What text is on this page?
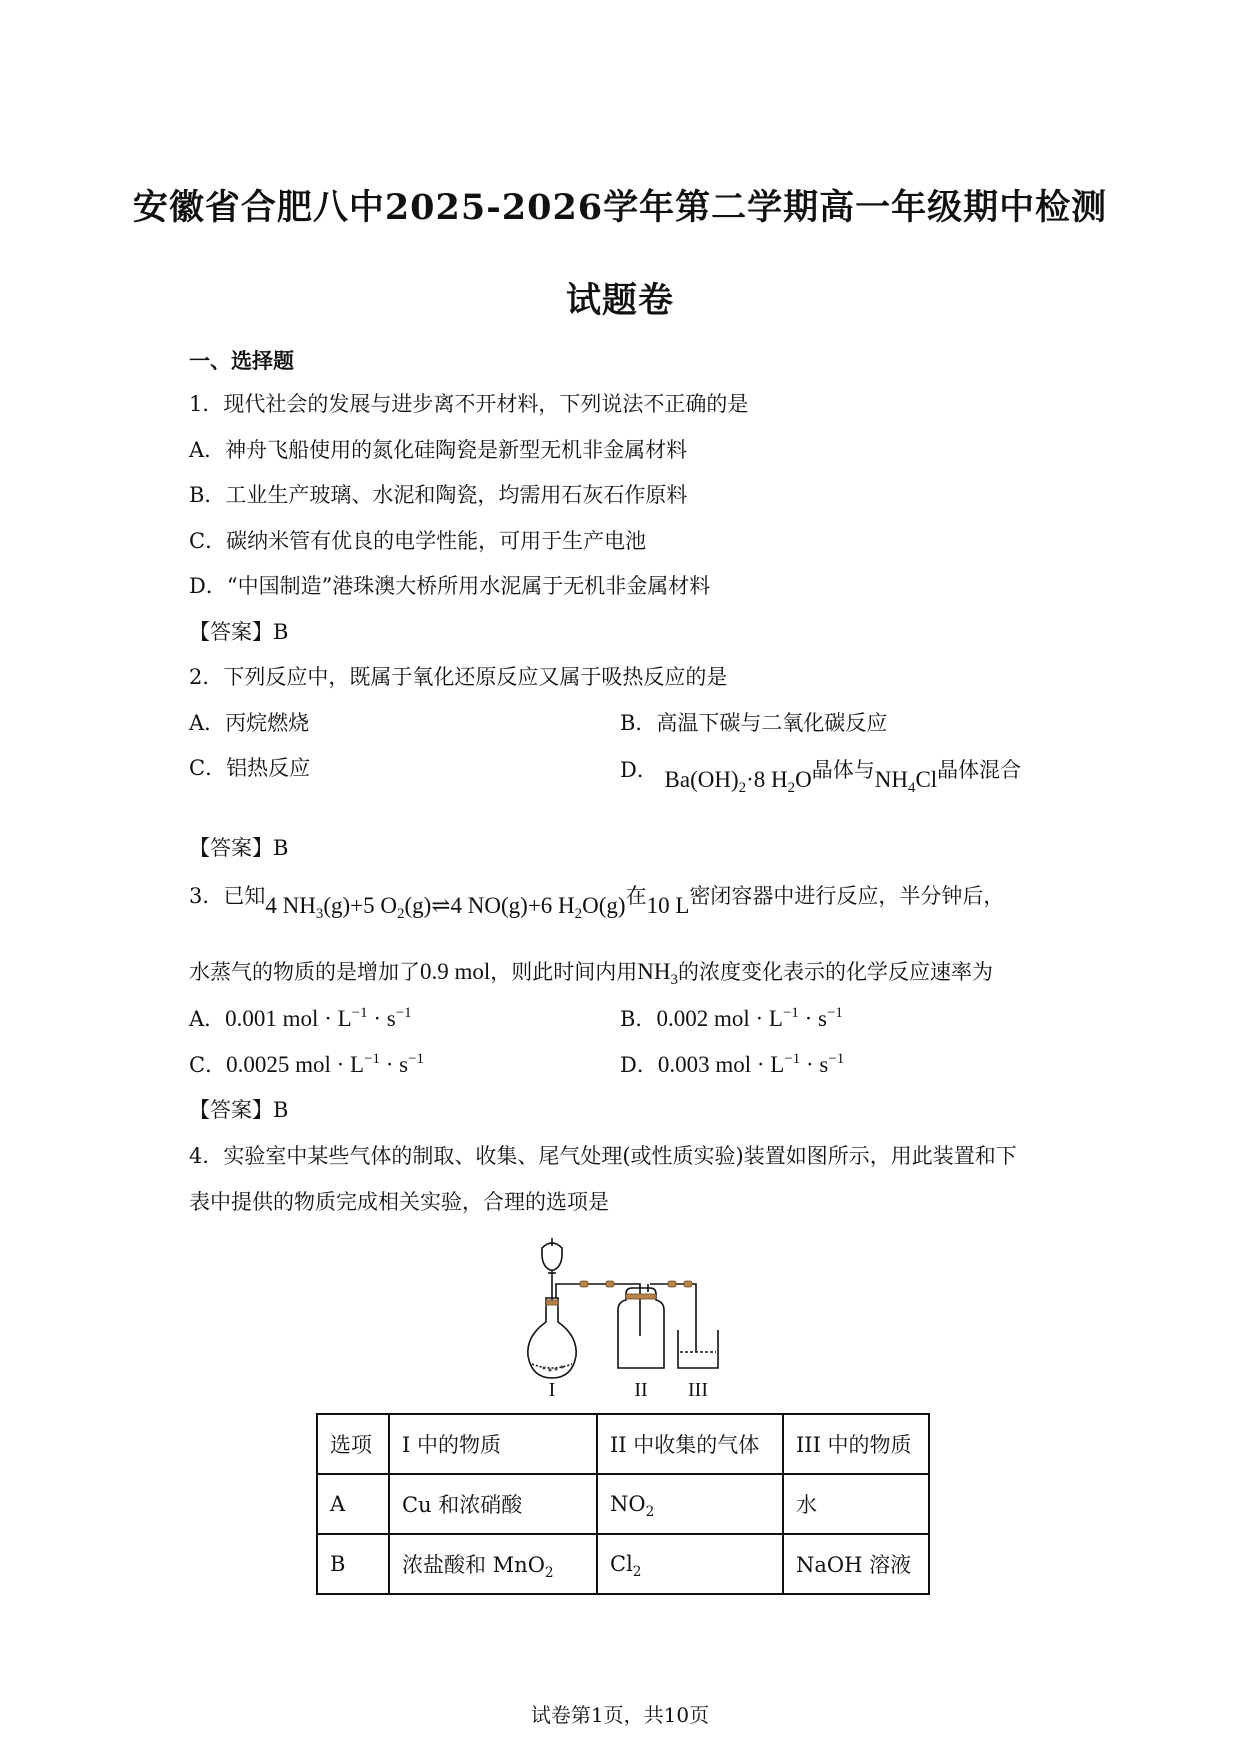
安徽省合肥八中2025-2026学年第二学期高一年级期中检测
试题卷
一、选择题
1．现代社会的发展与进步离不开材料，下列说法不正确的是
A．神舟飞船使用的氮化硅陶瓷是新型无机非金属材料
B．工业生产玻璃、水泥和陶瓷，均需用石灰石作原料
C．碳纳米管有优良的电学性能，可用于生产电池
D．“中国制造”港珠澳大桥所用水泥属于无机非金属材料
【答案】B
2．下列反应中，既属于氧化还原反应又属于吸热反应的是
A．丙烷燃烧	B．高温下碳与二氧化碳反应
C．铝热反应	D． $Ba(OH)_2\cdot 8$ $H_2O$晶体与$NH_4Cl$晶体混合
【答案】B
3．已知4 $NH_3(g)+5$ $O_2(g)\rightleftharpoons 4$ NO(g)+6 $H_2O(g)$在10 L密闭容器中进行反应，半分钟后，
水蒸气的物质的是增加了0.9 mol，则此时间内用$NH_3$的浓度变化表示的化学反应速率为
A．0.001 mol · $L^{-1} \cdot s^{-1}$	B．0.002 mol · $L^{-1} \cdot s^{-1}$
C．0.0025 mol · $L^{-1} \cdot s^{-1}$	D．0.003 mol · $L^{-1} \cdot s^{-1}$
【答案】B
4．实验室中某些气体的制取、收集、尾气处理(或性质实验)装置如图所示，用此装置和下
表中提供的物质完成相关实验，合理的选项是
I	II III
选项	I 中的物质	II 中收集的气体	III 中的物质
A	Cu 和浓硝酸	$NO_2$	水
B	浓盐酸和 MnO$_2$	$Cl_2$	NaOH 溶液
试卷第1页，共10页
